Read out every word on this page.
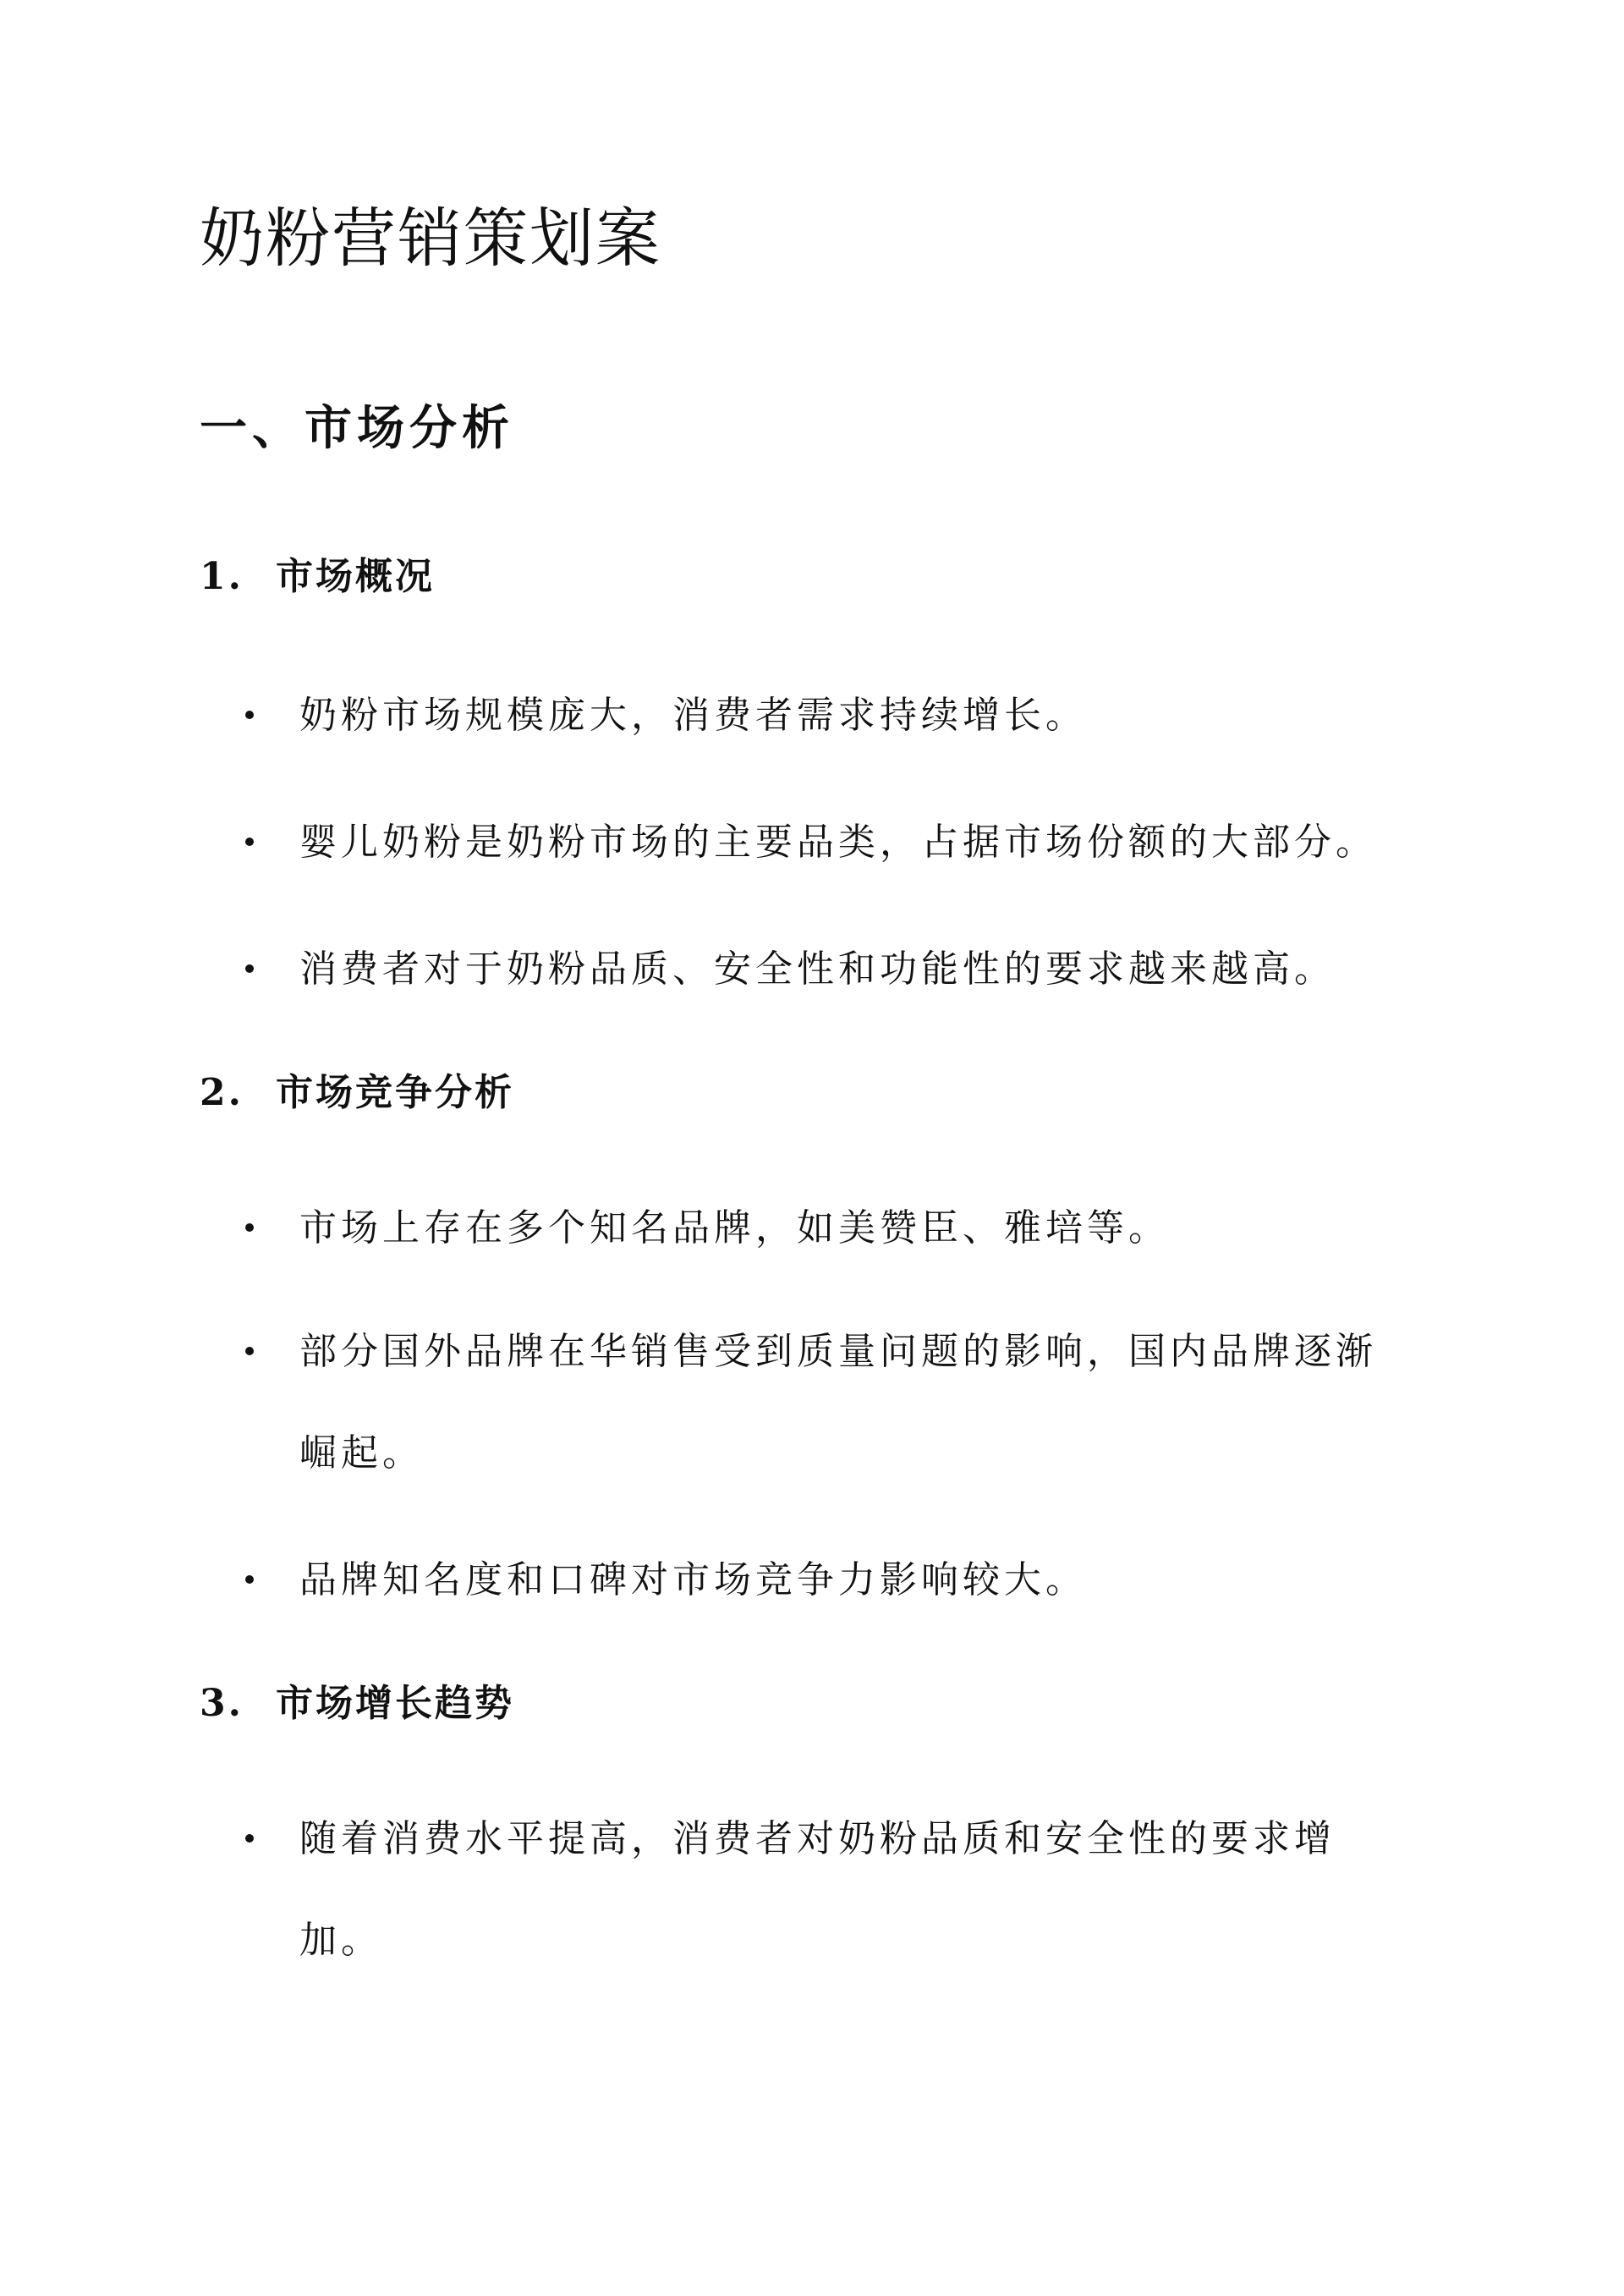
奶粉营销策划案
一、市场分析
1. 市场概况
奶粉市场规模庞大，消费者需求持续增长。
婴儿奶粉是奶粉市场的主要品类，占据市场份额的大部分。
消费者对于奶粉品质、安全性和功能性的要求越来越高。
2. 市场竞争分析
市场上存在多个知名品牌，如美赞臣、雅培等。
部分国外品牌在华销售受到质量问题的影响，国内品牌逐渐崛起。
品牌知名度和口碑对市场竞争力影响较大。
3. 市场增长趋势
随着消费水平提高，消费者对奶粉品质和安全性的要求增加。
